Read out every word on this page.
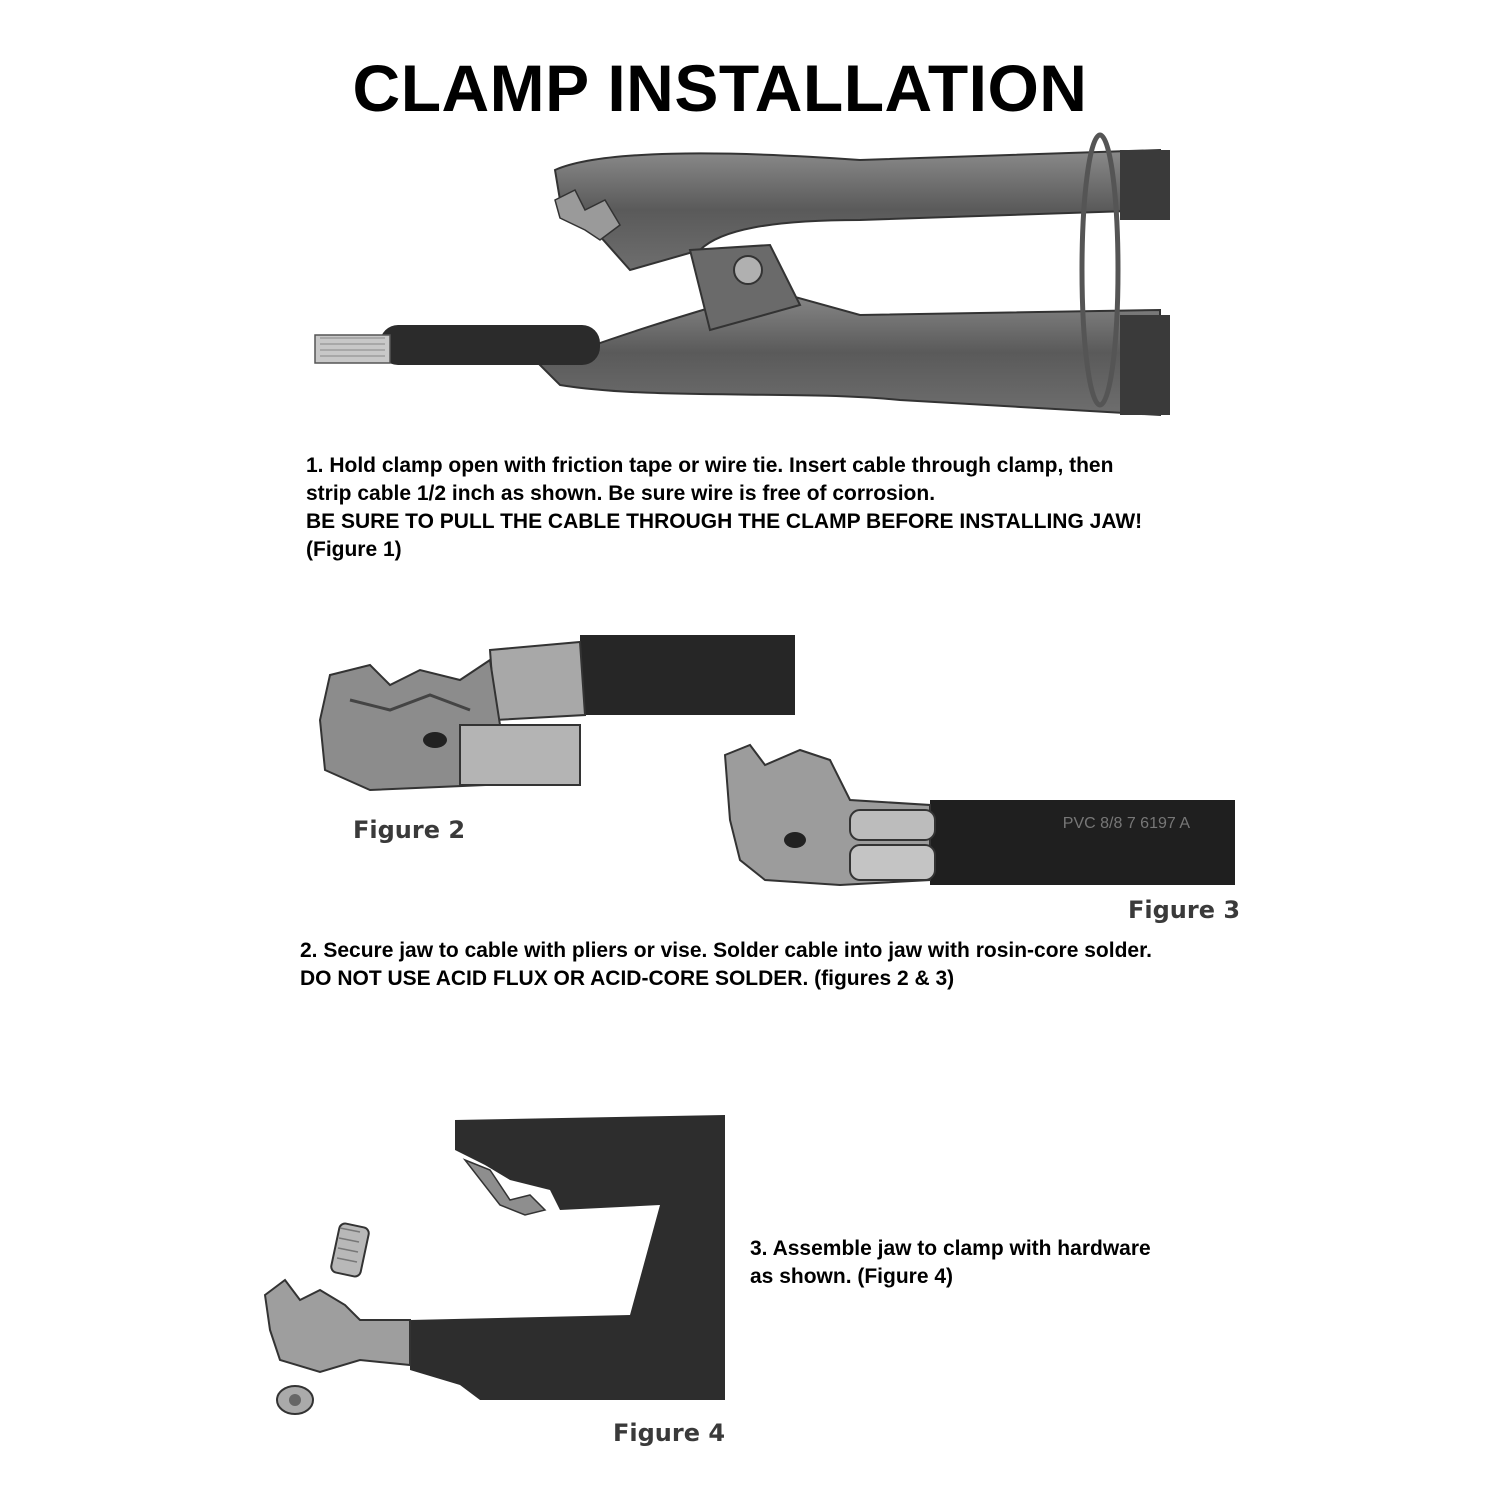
CLAMP INSTALLATION

1. Hold clamp open with friction tape or wire tie. Insert cable through clamp, then
strip cable 1/2 inch as shown. Be sure wire is free of corrosion.
BE SURE TO PULL THE CABLE THROUGH THE CLAMP BEFORE INSTALLING JAW!
(Figure 1)

Figure 2	PVC 8/8 7 6197 A
Figure 3

2. Secure jaw to cable with pliers or vise. Solder cable into jaw with rosin-core solder.
DO NOT USE ACID FLUX OR ACID-CORE SOLDER. (figures 2 & 3)

Figure 4

3. Assemble jaw to clamp with hardware
as shown. (Figure 4)
